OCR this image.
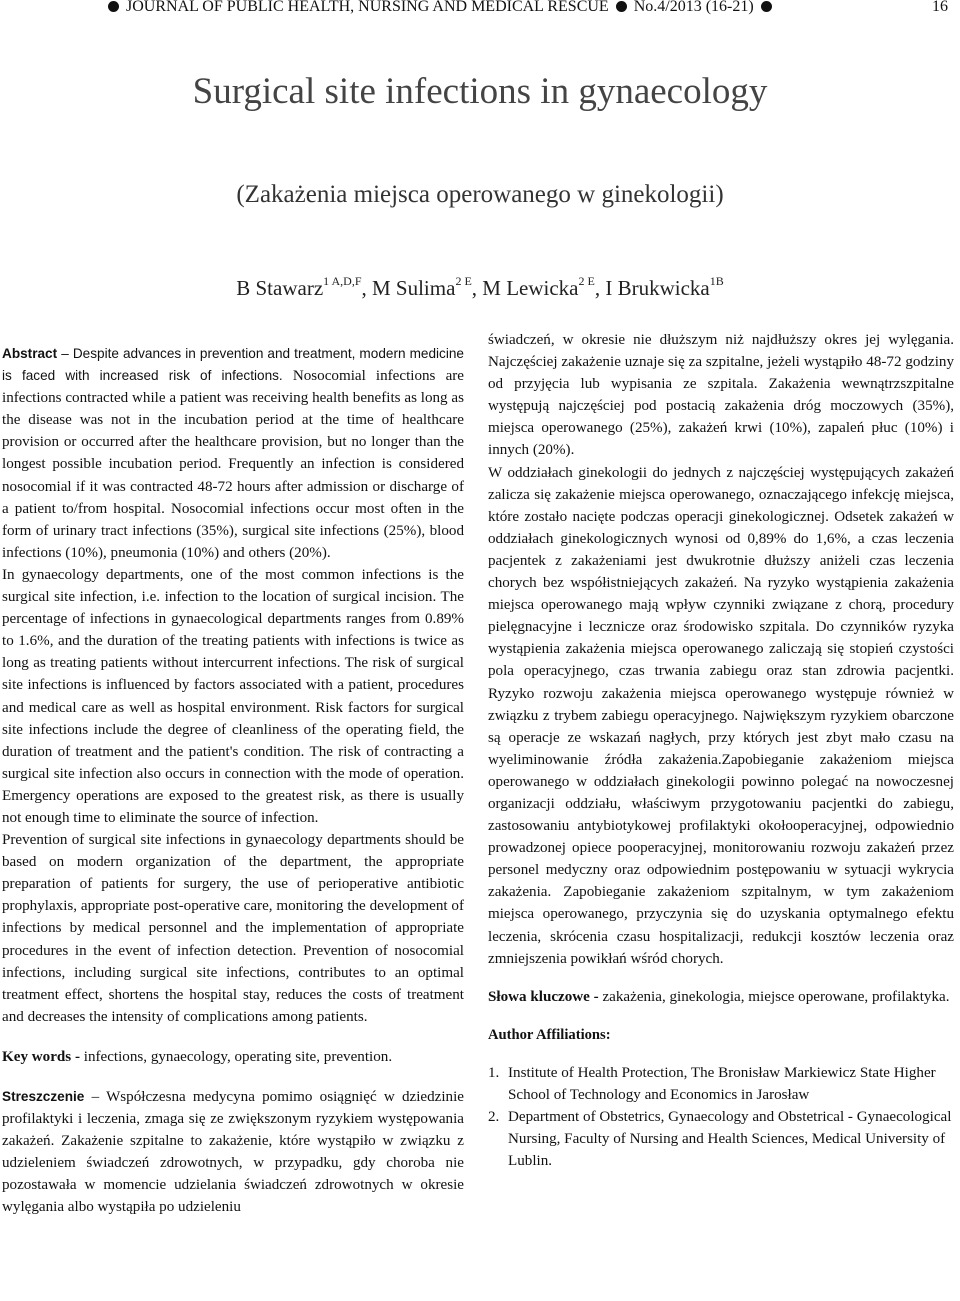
JOURNAL OF PUBLIC HEALTH, NURSING AND MEDICAL RESCUE No.4/2013 (16-21)	16
Surgical site infections in gynaecology
(Zakażenia miejsca operowanego w ginekologii)
B Stawarz$^{1 A,D,F}$, M Sulima$^{2 E}$, M Lewicka$^{2 E}$, I Brukwicka$^{1B}$

Abstract – Despite advances in prevention and treatment, modern medicine is faced with increased risk of infections. Nosocomial infections are infections contracted while a patient was receiving health benefits as long as the disease was not in the incubation period at the time of healthcare provision or occurred after the healthcare provision, but no longer than the longest possible incubation period. Frequently an infection is considered nosocomial if it was contracted 48-72 hours after admission or discharge of a patient to/from hospital. Nosocomial infections occur most often in the form of urinary tract infections (35%), surgical site infections (25%), blood infections (10%), pneumonia (10%) and others (20%).

In gynaecology departments, one of the most common infections is the surgical site infection, i.e. infection to the location of surgical incision. The percentage of infections in gynaecological departments ranges from 0.89% to 1.6%, and the duration of the treating patients with infections is twice as long as treating patients without intercurrent infections. The risk of surgical site infections is influenced by factors associated with a patient, procedures and medical care as well as hospital environment. Risk factors for surgical site infections include the degree of cleanliness of the operating field, the duration of treatment and the patient's condition. The risk of contracting a surgical site infection also occurs in connection with the mode of operation. Emergency operations are exposed to the greatest risk, as there is usually not enough time to eliminate the source of infection.

Prevention of surgical site infections in gynaecology departments should be based on modern organization of the department, the appropriate preparation of patients for surgery, the use of perioperative antibiotic prophylaxis, appropriate post-operative care, monitoring the development of infections by medical personnel and the implementation of appropriate procedures in the event of infection detection. Prevention of nosocomial infections, including surgical site infections, contributes to an optimal treatment effect, shortens the hospital stay, reduces the costs of treatment and decreases the intensity of complications among patients.

Key words - infections, gynaecology, operating site, prevention.

Streszczenie – Współczesna medycyna pomimo osiągnięć w dziedzinie profilaktyki i leczenia, zmaga się ze zwiększonym ryzykiem występowania zakażeń. Zakażenie szpitalne to zakażenie, które wystąpiło w związku z udzieleniem świadczeń zdrowotnych, w przypadku, gdy choroba nie pozostawała w momencie udzielania świadczeń zdrowotnych w okresie wylęgania albo wystąpiła po udzieleniu

świadczeń, w okresie nie dłuższym niż najdłuższy okres jej wylęgania. Najczęściej zakażenie uznaje się za szpitalne, jeżeli wystąpiło 48-72 godziny od przyjęcia lub wypisania ze szpitala. Zakażenia wewnątrzszpitalne występują najczęściej pod postacią zakażenia dróg moczowych (35%), miejsca operowanego (25%), zakażeń krwi (10%), zapaleń płuc (10%) i innych (20%).

W oddziałach ginekologii do jednych z najczęściej występujących zakażeń zalicza się zakażenie miejsca operowanego, oznaczającego infekcję miejsca, które zostało nacięte podczas operacji ginekologicznej. Odsetek zakażeń w oddziałach ginekologicznych wynosi od 0,89% do 1,6%, a czas leczenia pacjentek z zakażeniami jest dwukrotnie dłuższy aniżeli czas leczenia chorych bez współistniejących zakażeń. Na ryzyko wystąpienia zakażenia miejsca operowanego mają wpływ czynniki związane z chorą, procedury pielęgnacyjne i lecznicze oraz środowisko szpitala. Do czynników ryzyka wystąpienia zakażenia miejsca operowanego zaliczają się stopień czystości pola operacyjnego, czas trwania zabiegu oraz stan zdrowia pacjentki. Ryzyko rozwoju zakażenia miejsca operowanego występuje również w związku z trybem zabiegu operacyjnego. Największym ryzykiem obarczone są operacje ze wskazań nagłych, przy których jest zbyt mało czasu na wyeliminowanie źródła zakażenia.Zapobieganie zakażeniom miejsca operowanego w oddziałach ginekologii powinno polegać na nowoczesnej organizacji oddziału, właściwym przygotowaniu pacjentki do zabiegu, zastosowaniu antybiotykowej profilaktyki okołooperacyjnej, odpowiednio prowadzonej opiece pooperacyjnej, monitorowaniu rozwoju zakażeń przez personel medyczny oraz odpowiednim postępowaniu w sytuacji wykrycia zakażenia. Zapobieganie zakażeniom szpitalnym, w tym zakażeniom miejsca operowanego, przyczynia się do uzyskania optymalnego efektu leczenia, skrócenia czasu hospitalizacji, redukcji kosztów leczenia oraz zmniejszenia powikłań wśród chorych.

Słowa kluczowe - zakażenia, ginekologia, miejsce operowane, profilaktyka.

Author Affiliations:

1. Institute of Health Protection, The Bronisław Markiewicz State Higher School of Technology and Economics in Jarosław
2. Department of Obstetrics, Gynaecology and Obstetrical - Gynaecological Nursing, Faculty of Nursing and Health Sciences, Medical University of Lublin.
